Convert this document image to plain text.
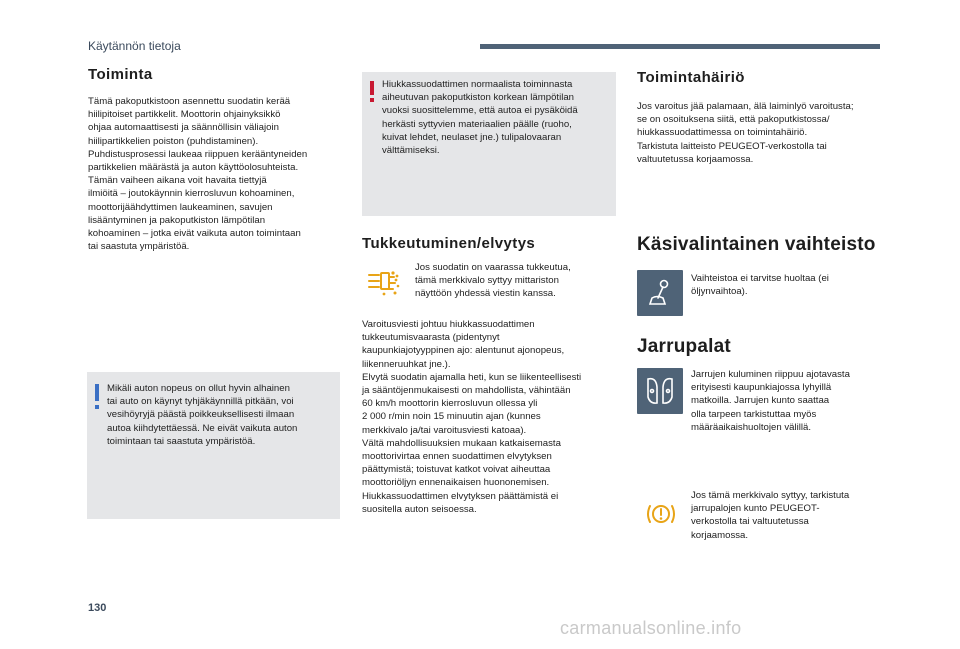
Käytännön tietoja
Toiminta
Tämä pakoputkistoon asennettu suodatin kerää
hiilipitoiset partikkelit. Moottorin ohjainyksikkö
ohjaa automaattisesti ja säännöllisin väliajoin
hiilipartikkelien poiston (puhdistaminen).
Puhdistusprosessi laukeaa riippuen kerääntyneiden
partikkelien määrästä ja auton käyttöolosuhteista.
Tämän vaiheen aikana voit havaita tiettyjä
ilmiöitä – joutokäynnin kierrosluvun kohoaminen,
moottorijäähdyttimen laukeaminen, savujen
lisääntyminen ja pakoputkiston lämpötilan
kohoaminen – jotka eivät vaikuta auton toimintaan
tai saastuta ympäristöä.
Mikäli auton nopeus on ollut hyvin alhainen
tai auto on käynyt tyhjäkäynnillä pitkään, voi
vesihöyryjä päästä poikkeuksellisesti ilmaan
autoa kiihdytettäessä. Ne eivät vaikuta auton
toimintaan tai saastuta ympäristöä.
Hiukkassuodattimen normaalista toiminnasta
aiheutuvan pakoputkiston korkean lämpötilan
vuoksi suosittelemme, että autoa ei pysäköidä
herkästi syttyvien materiaalien päälle (ruoho,
kuivat lehdet, neulaset jne.) tulipalovaaran
välttämiseksi.
Tukkeutuminen/elvytys
Jos suodatin on vaarassa tukkeutua,
tämä merkkivalo syttyy mittariston
näyttöön yhdessä viestin kanssa.
Varoitusviesti johtuu hiukkassuodattimen
tukkeutumisvaarasta (pidentynyt
kaupunkiajotyyppinen ajo: alentunut ajonopeus,
liikenneruuhkat jne.).
Elvytä suodatin ajamalla heti, kun se liikenteellisesti
ja sääntöjenmukaisesti on mahdollista, vähintään
60 km/h moottorin kierrosluvun ollessa yli
2 000 r/min noin 15 minuutin ajan (kunnes
merkkivalo ja/tai varoitusviesti katoaa).
Vältä mahdollisuuksien mukaan katkaisemasta
moottorivirtaa ennen suodattimen elvytyksen
päättymistä; toistuvat katkot voivat aiheuttaa
moottoriöljyn ennenaikaisen huononemisen.
Hiukkassuodattimen elvytyksen päättämistä ei
suositella auton seisoessa.
Toimintahäiriö
Jos varoitus jää palamaan, älä laiminlyö varoitusta;
se on osoituksena siitä, että pakoputkistossa/
hiukkassuodattimessa on toimintahäiriö.
Tarkistuta laitteisto PEUGEOT-verkostolla tai
valtuutetussa korjaamossa.
Käsivalintainen vaihteisto
Vaihteistoa ei tarvitse huoltaa (ei
öljynvaihtoa).
Jarrupalat
Jarrujen kuluminen riippuu ajotavasta
erityisesti kaupunkiajossa lyhyillä
matkoilla. Jarrujen kunto saattaa
olla tarpeen tarkistuttaa myös
määräaikaishuoltojen välillä.
Jos tämä merkkivalo syttyy, tarkistuta
jarrupalojen kunto PEUGEOT-
verkostolla tai valtuutetussa
korjaamossa.
130
carmanualsonline.info
